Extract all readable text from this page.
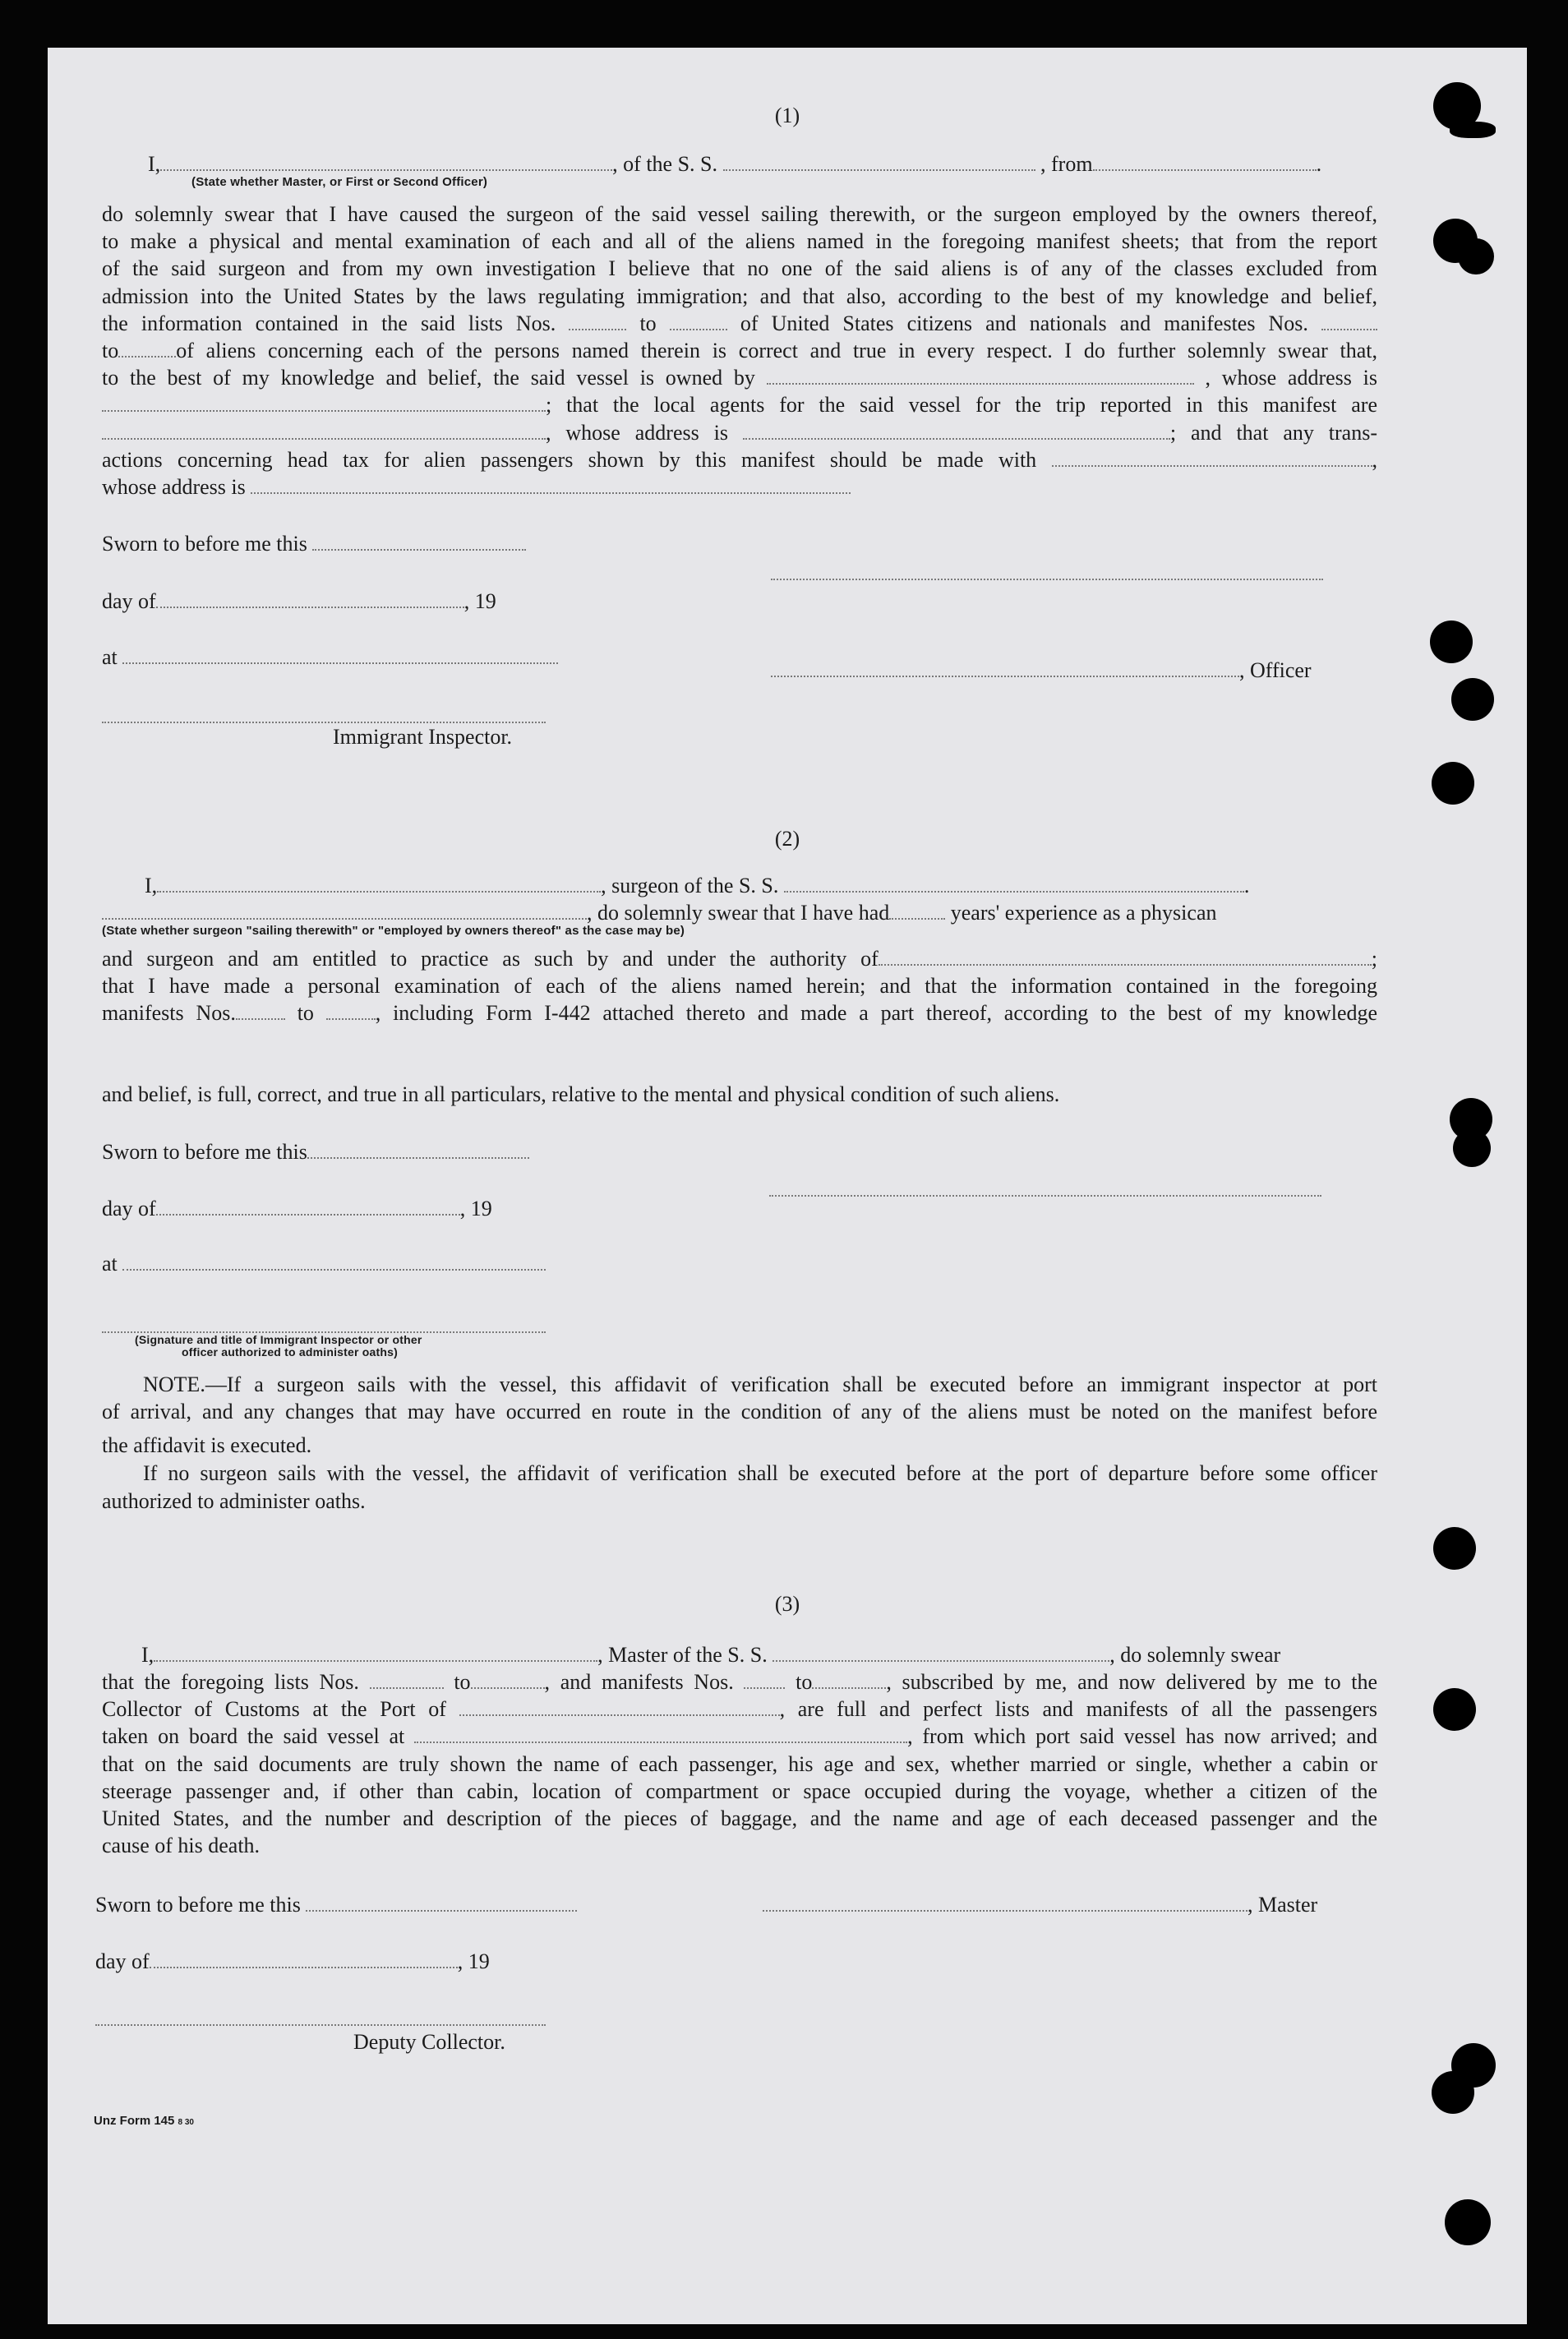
(1)
I,	, of the S. S.	, from	.
(State whether Master, or First or Second Officer)
do solemnly swear that I have caused the surgeon of the said vessel sailing therewith, or the surgeon employed by the owners thereof,
to make a physical and mental examination of each and all of the aliens named in the foregoing manifest sheets; that from the report
of the said surgeon and from my own investigation I believe that no one of the said aliens is of any of the classes excluded from
admission into the United States by the laws regulating immigration; and that also, according to the best of my knowledge and belief,
the information contained in the said lists Nos.	to	of United States citizens and nationals and manifestes Nos.
to	of aliens concerning each of the persons named therein is correct and true in every respect. I do further solemnly swear that,
to the best of my knowledge and belief, the said vessel is owned by	, whose address is
; that the local agents for the said vessel for the trip reported in this manifest are
, whose address is	; and that any trans-
actions concerning head tax for alien passengers shown by this manifest should be made with	,
whose address is
Sworn to before me this
day of	, 19
at
, Officer
Immigrant Inspector.
(2)
I,	, surgeon of the S. S.	.
, do solemnly swear that I have had	years' experience as a physican
(State whether surgeon "sailing therewith" or "employed by owners thereof" as the case may be)
and surgeon and am entitled to practice as such by and under the authority of	;
that I have made a personal examination of each of the aliens named herein; and that the information contained in the foregoing
manifests Nos.	to	, including Form I-442 attached thereto and made a part thereof, according to the best of my knowledge
and belief, is full, correct, and true in all particulars, relative to the mental and physical condition of such aliens.
Sworn to before me this
day of	, 19
at
(Signature and title of Immigrant Inspector or other
officer authorized to administer oaths)
NOTE.—If a surgeon sails with the vessel, this affidavit of verification shall be executed before an immigrant inspector at port
of arrival, and any changes that may have occurred en route in the condition of any of the aliens must be noted on the manifest before
the affidavit is executed.
If no surgeon sails with the vessel, the affidavit of verification shall be executed before at the port of departure before some officer
authorized to administer oaths.
(3)
I,	, Master of the S. S.	, do solemnly swear
that the foregoing lists Nos.	to	, and manifests Nos.	to	, subscribed by me, and now delivered by me to the
Collector of Customs at the Port of	, are full and perfect lists and manifests of all the passengers
taken on board the said vessel at	, from which port said vessel has now arrived; and
that on the said documents are truly shown the name of each passenger, his age and sex, whether married or single, whether a cabin or
steerage passenger and, if other than cabin, location of compartment or space occupied during the voyage, whether a citizen of the
United States, and the number and description of the pieces of baggage, and the name and age of each deceased passenger and the
cause of his death.
Sworn to before me this	, Master
day of	, 19
Deputy Collector.
Unz Form 145 8 30
